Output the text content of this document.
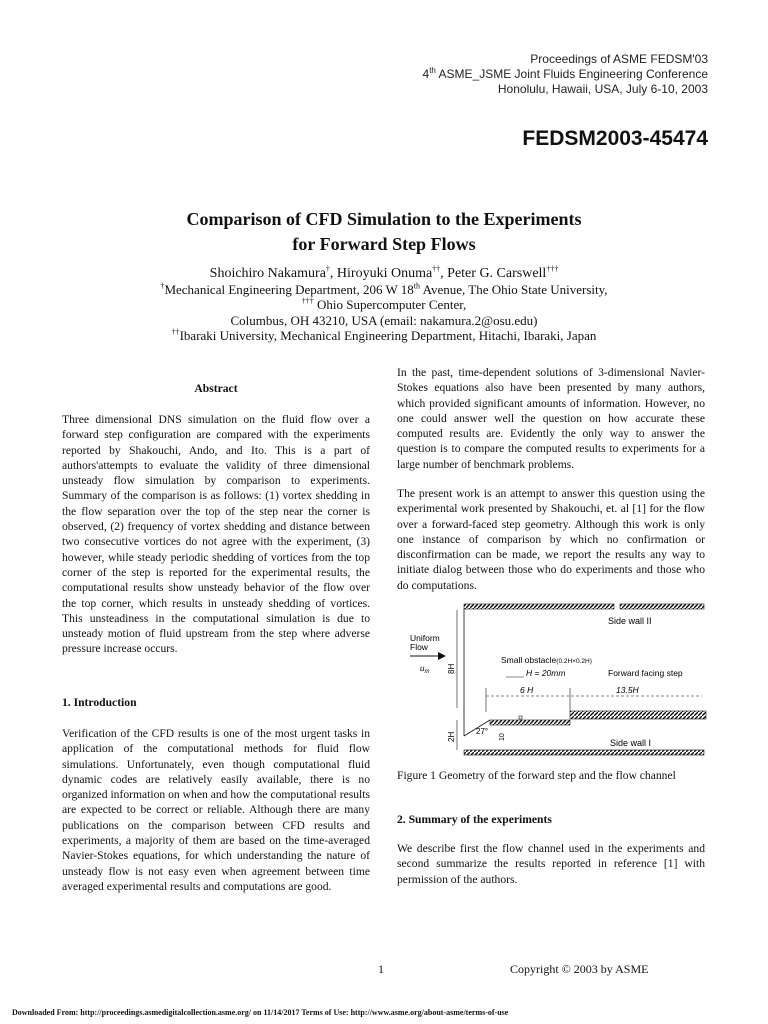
Proceedings of ASME FEDSM'03
4th ASME_JSME Joint Fluids Engineering Conference
Honolulu, Hawaii, USA, July 6-10, 2003
FEDSM2003-45474
Comparison of CFD Simulation to the Experiments
for Forward Step Flows
Shoichiro Nakamura†, Hiroyuki Onuma††, Peter G. Carswell†††
†Mechanical Engineering Department, 206 W 18th Avenue, The Ohio State University,
††† Ohio Supercomputer Center,
Columbus, OH 43210, USA (email: nakamura.2@osu.edu)
††Ibaraki University, Mechanical Engineering Department, Hitachi, Ibaraki, Japan
Abstract

Three dimensional DNS simulation on the fluid flow over a forward step configuration are compared with the experiments reported by Shakouchi, Ando, and Ito. This is a part of authors'attempts to evaluate the validity of three dimensional unsteady flow simulation by comparison to experiments. Summary of the comparison is as follows: (1) vortex shedding in the flow separation over the top of the step near the corner is observed, (2) frequency of vortex shedding and distance between two consecutive vortices do not agree with the experiment, (3) however, while steady periodic shedding of vortices from the top corner of the step is reported for the experimental results, the computational results show unsteady behavior of the flow over the top corner, which results in unsteady shedding of vortices. This unsteadiness in the computational simulation is due to unsteady motion of fluid upstream from the step where adverse pressure increase occurs.

1. Introduction

Verification of the CFD results is one of the most urgent tasks in application of the computational methods for fluid flow simulations. Unfortunately, even though computational fluid dynamic codes are relatively easily available, there is no organized information on when and how the computational results are expected to be correct or reliable. Although there are many publications on the comparison between CFD results and experiments, a majority of them are based on the time-averaged Navier-Stokes equations, for which understanding the nature of unsteady flow is not easy even when agreement between time averaged experimental results and computations are good.

In the past, time-dependent solutions of 3-dimensional Navier-Stokes equations also have been presented by many authors, which provided significant amounts of information. However, no one could answer well the question on how accurate these computed results are. Evidently the only way to answer the question is to compare the computed results to experiments for a large number of benchmark problems.

The present work is an attempt to answer this question using the experimental work presented by Shakouchi, et. al [1] for the flow over a forward-faced step geometry. Although this work is only one instance of comparison by which no confirmation or disconfirmation can be made, we report the results any way to initiate dialog between those who do experiments and those who do computations.

Side wall II
Uniform
Flow
$u_m$ 8H
Small obstacle(0.2H×0.2H)
H = 20mm	Forward facing step
6 H	13.5H
27°
10
2H
Side wall I
Figure 1 Geometry of the forward step and the flow channel
2. Summary of the experiments

We describe first the flow channel used in the experiments and second summarize the results reported in reference [1] with permission of the authors.

1	Copyright © 2003 by ASME
Downloaded From: http://proceedings.asmedigitalcollection.asme.org/ on 11/14/2017 Terms of Use: http://www.asme.org/about-asme/terms-of-use
